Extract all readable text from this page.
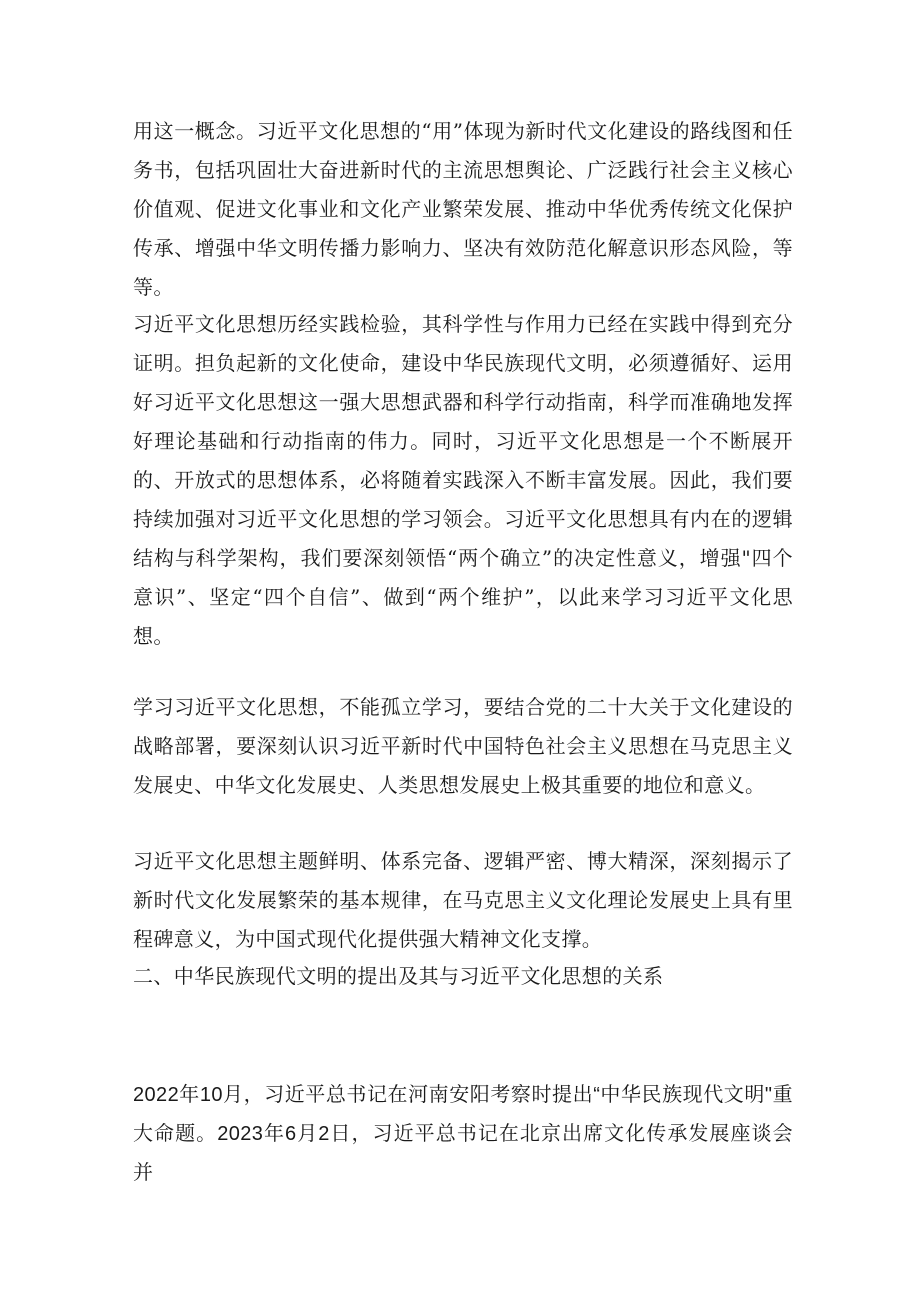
用这一概念。习近平文化思想的“用”体现为新时代文化建设的路线图和任务书，包括巩固壮大奋进新时代的主流思想舆论、广泛践行社会主义核心价值观、促进文化事业和文化产业繁荣发展、推动中华优秀传统文化保护传承、增强中华文明传播力影响力、坚决有效防范化解意识形态风险，等等。

习近平文化思想历经实践检验，其科学性与作用力已经在实践中得到充分证明。担负起新的文化使命，建设中华民族现代文明，必须遵循好、运用好习近平文化思想这一强大思想武器和科学行动指南，科学而准确地发挥好理论基础和行动指南的伟力。同时，习近平文化思想是一个不断展开的、开放式的思想体系，必将随着实践深入不断丰富发展。因此，我们要持续加强对习近平文化思想的学习领会。习近平文化思想具有内在的逻辑结构与科学架构，我们要深刻领悟“两个确立”的决定性意义，增强"四个意识”、坚定“四个自信”、做到“两个维护”，以此来学习习近平文化思想。

学习习近平文化思想，不能孤立学习，要结合党的二十大关于文化建设的战略部署，要深刻认识习近平新时代中国特色社会主义思想在马克思主义发展史、中华文化发展史、人类思想发展史上极其重要的地位和意义。

习近平文化思想主题鲜明、体系完备、逻辑严密、博大精深，深刻揭示了新时代文化发展繁荣的基本规律，在马克思主义文化理论发展史上具有里程碑意义，为中国式现代化提供强大精神文化支撑。

二、中华民族现代文明的提出及其与习近平文化思想的关系

2022年10月，习近平总书记在河南安阳考察时提出“中华民族现代文明"重大命题。2023年6月2日，习近平总书记在北京出席文化传承发展座谈会并
